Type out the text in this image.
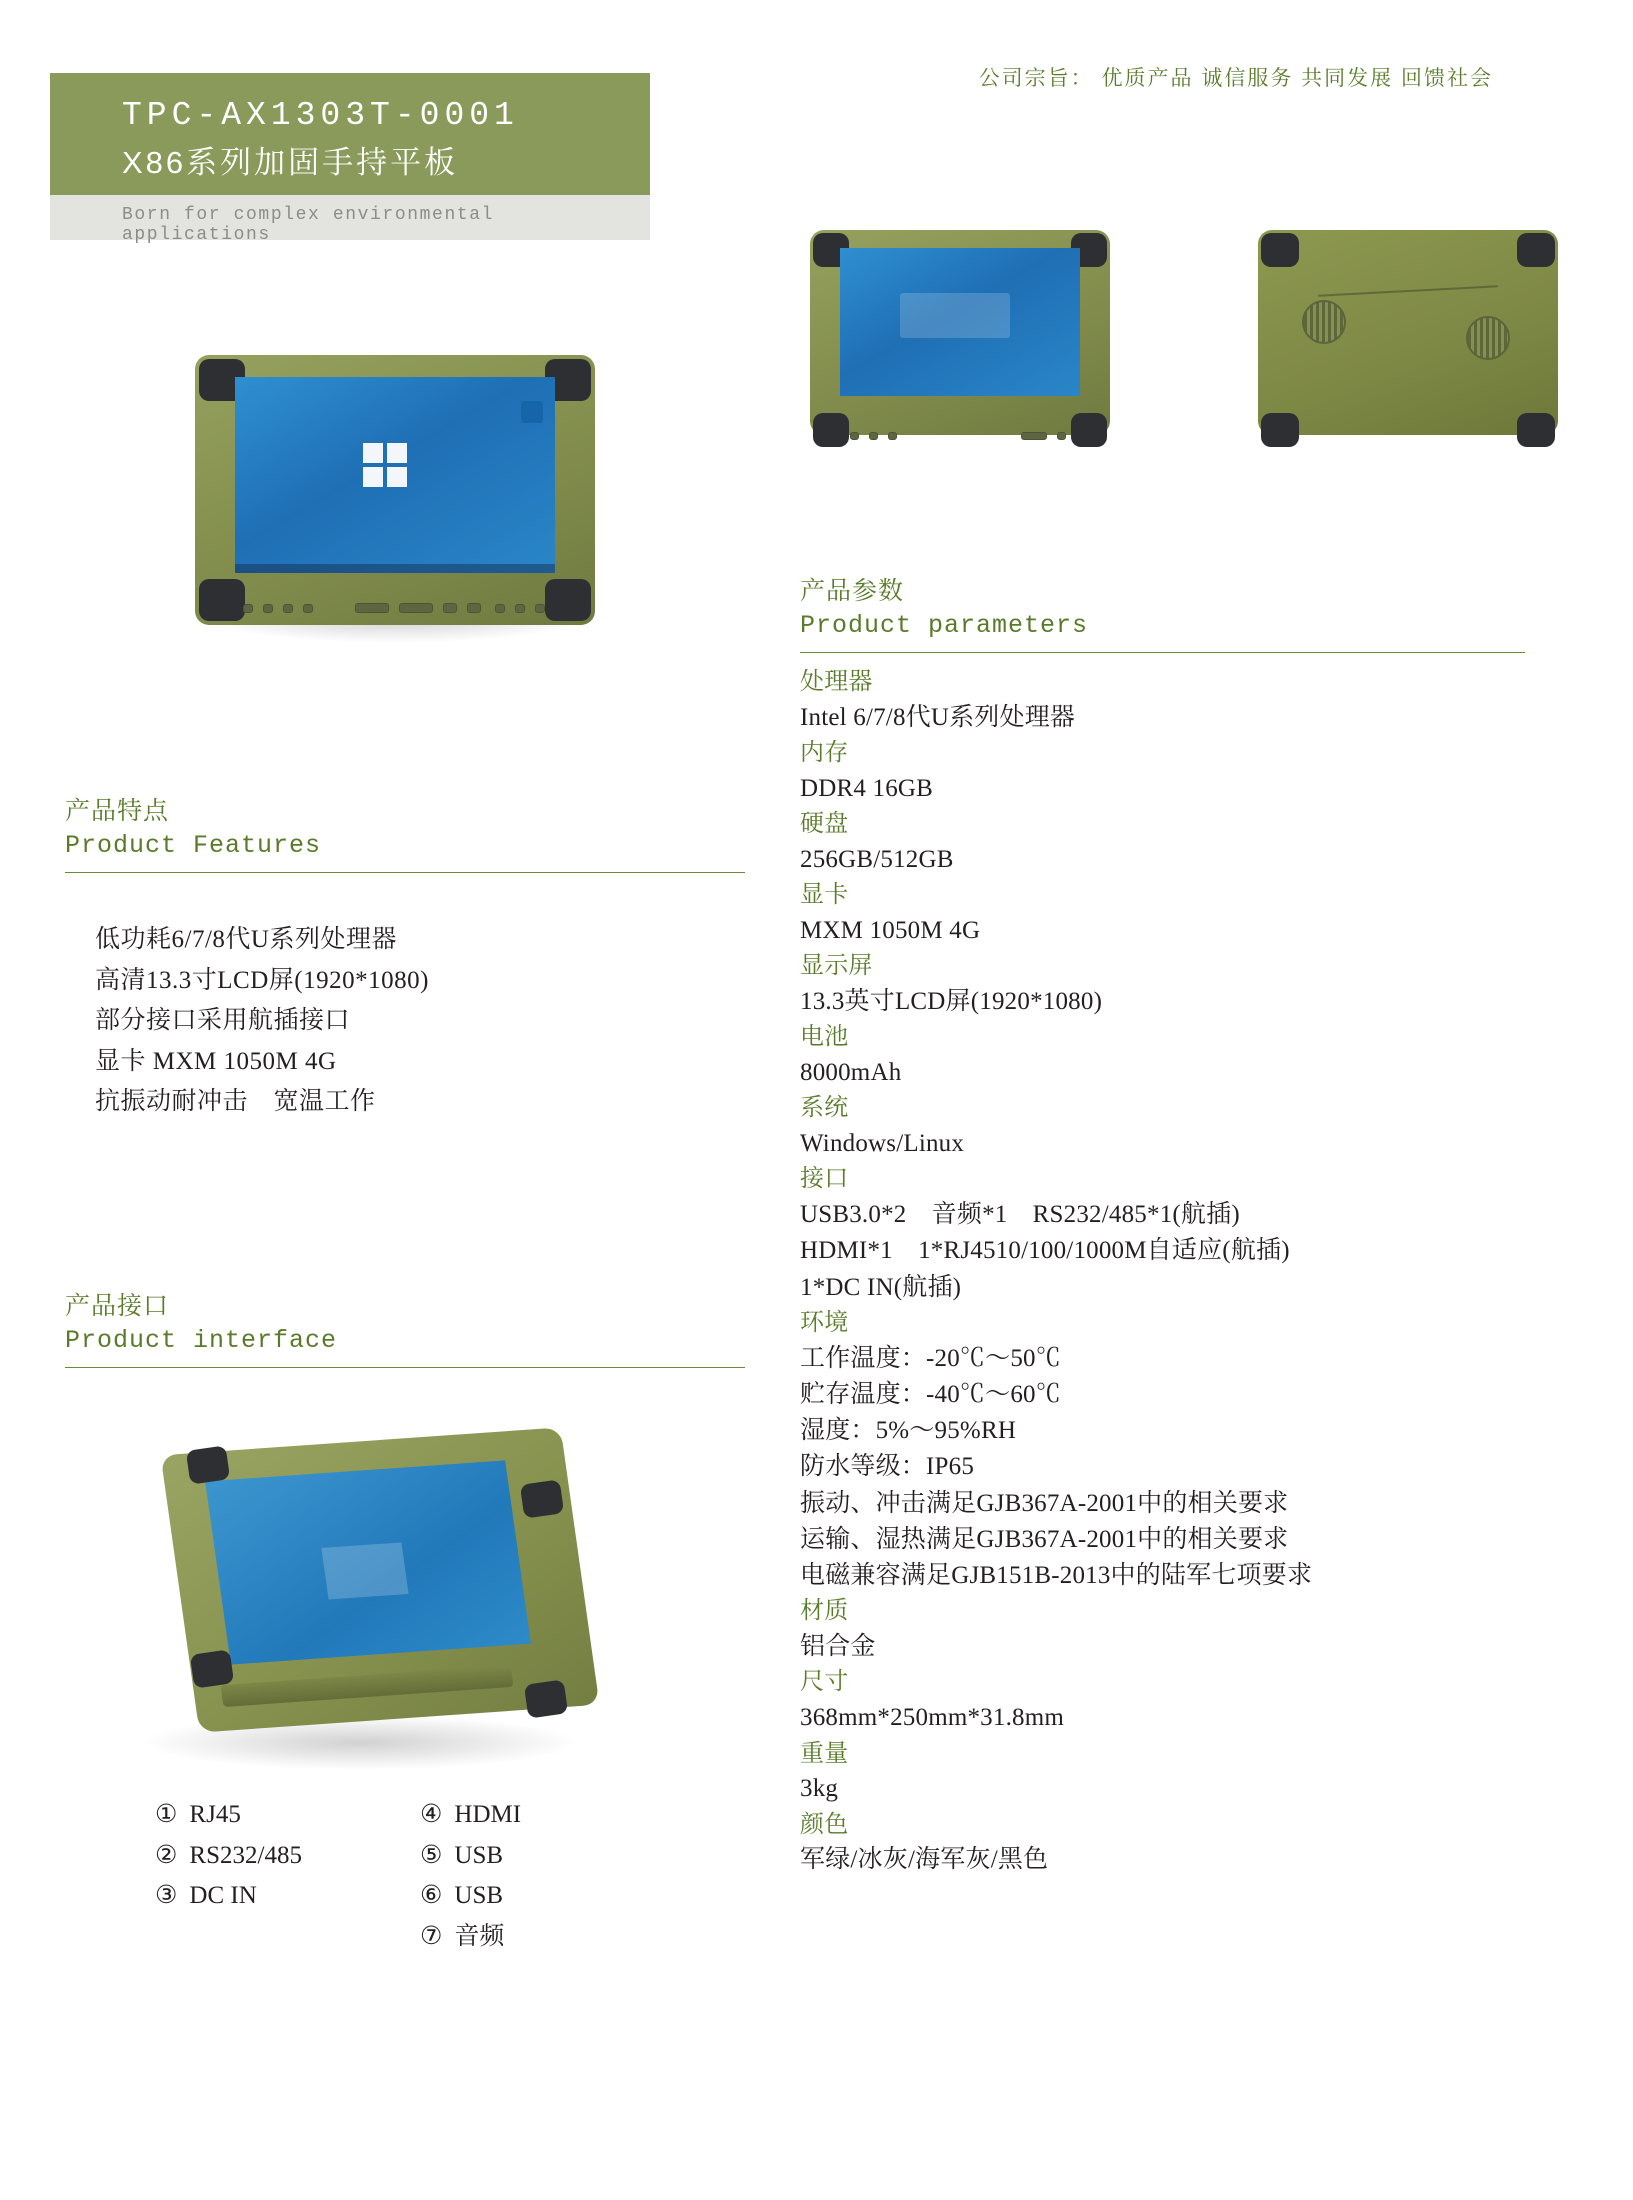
公司宗旨： 优质产品 诚信服务 共同发展 回馈社会
TPC-AX1303T-0001
X86系列加固手持平板
Born for complex environmental applications
产品特点
Product Features
低功耗6/7/8代U系列处理器
高清13.3寸LCD屏(1920*1080)
部分接口采用航插接口
显卡 MXM 1050M 4G
抗振动耐冲击　宽温工作
产品接口
Product interface
① RJ45
② RS232/485
③ DC IN
④ HDMI
⑤ USB
⑥ USB
⑦ 音频
产品参数
Product parameters
处理器
Intel 6/7/8代U系列处理器
内存
DDR4 16GB
硬盘
256GB/512GB
显卡
MXM 1050M 4G
显示屏
13.3英寸LCD屏(1920*1080)
电池
8000mAh
系统
Windows/Linux
接口
USB3.0*2　音频*1　RS232/485*1(航插)
HDMI*1　1*RJ4510/100/1000M自适应(航插)
1*DC IN(航插)
环境
工作温度：-20℃～50℃
贮存温度：-40℃～60℃
湿度：5%～95%RH
防水等级：IP65
振动、冲击满足GJB367A-2001中的相关要求
运输、湿热满足GJB367A-2001中的相关要求
电磁兼容满足GJB151B-2013中的陆军七项要求
材质
铝合金
尺寸
368mm*250mm*31.8mm
重量
3kg
颜色
军绿/冰灰/海军灰/黑色
